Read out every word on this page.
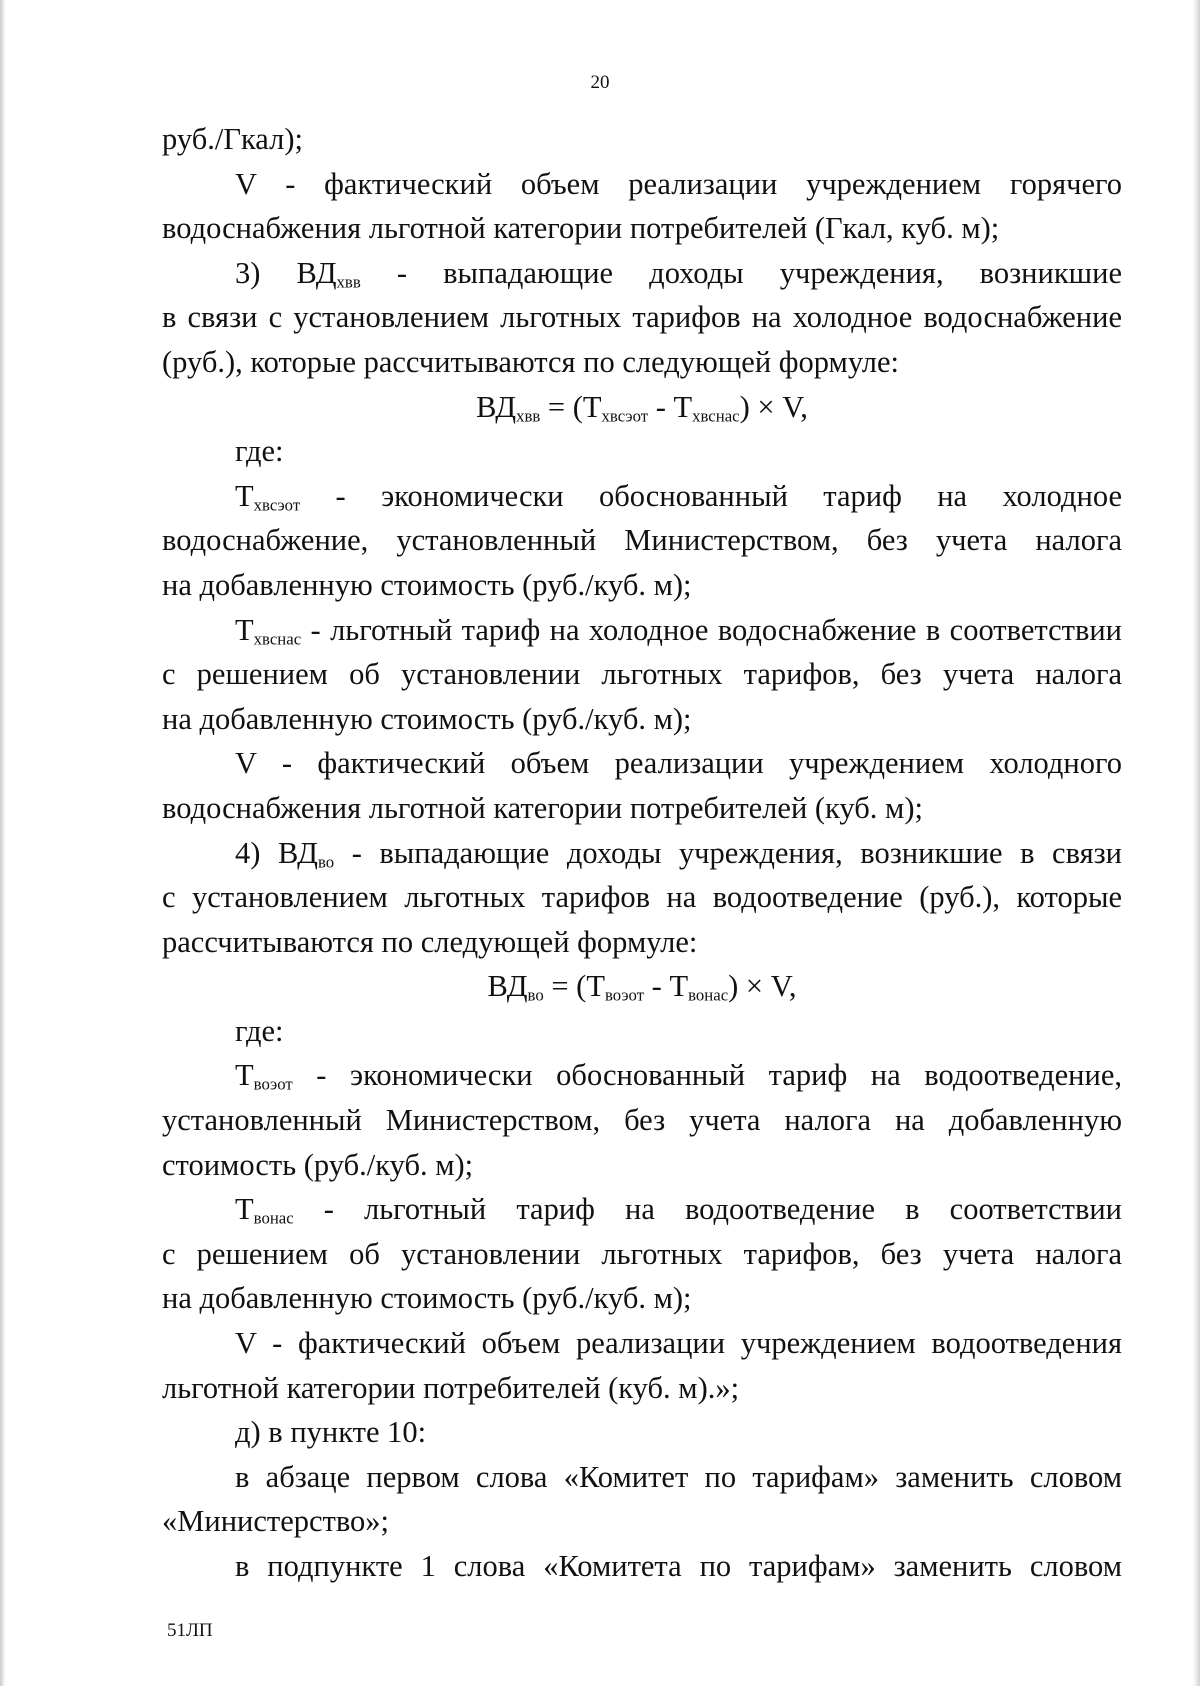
20
руб./Гкал);
V - фактический объем реализации учреждением горячего
водоснабжения льготной категории потребителей (Гкал, куб. м);
3) $ВД_{хвв}$ - выпадающие доходы учреждения, возникшие
в связи с установлением льготных тарифов на холодное водоснабжение
(руб.), которые рассчитываются по следующей формуле:
$ВД_{хвв} = (Т_{хвсэот} - Т_{хвснас}) \times V$,
где:
$Т_{хвсэот}$ - экономически обоснованный тариф на холодное
водоснабжение, установленный Министерством, без учета налога
на добавленную стоимость (руб./куб. м);
$Т_{хвснас}$ - льготный тариф на холодное водоснабжение в соответствии
с решением об установлении льготных тарифов, без учета налога
на добавленную стоимость (руб./куб. м);
V - фактический объем реализации учреждением холодного
водоснабжения льготной категории потребителей (куб. м);
4) $ВД_{во}$ - выпадающие доходы учреждения, возникшие в связи
с установлением льготных тарифов на водоотведение (руб.), которые
рассчитываются по следующей формуле:
$ВД_{во} = (Т_{воэот} - Т_{вонас}) \times V$,
где:
$Т_{воэот}$ - экономически обоснованный тариф на водоотведение,
установленный Министерством, без учета налога на добавленную
стоимость (руб./куб. м);
$Т_{вонас}$ - льготный тариф на водоотведение в соответствии
с решением об установлении льготных тарифов, без учета налога
на добавленную стоимость (руб./куб. м);
V - фактический объем реализации учреждением водоотведения
льготной категории потребителей (куб. м).»;
д) в пункте 10:
в абзаце первом слова «Комитет по тарифам» заменить словом
«Министерство»;
в подпункте 1 слова «Комитета по тарифам» заменить словом
51ЛП
